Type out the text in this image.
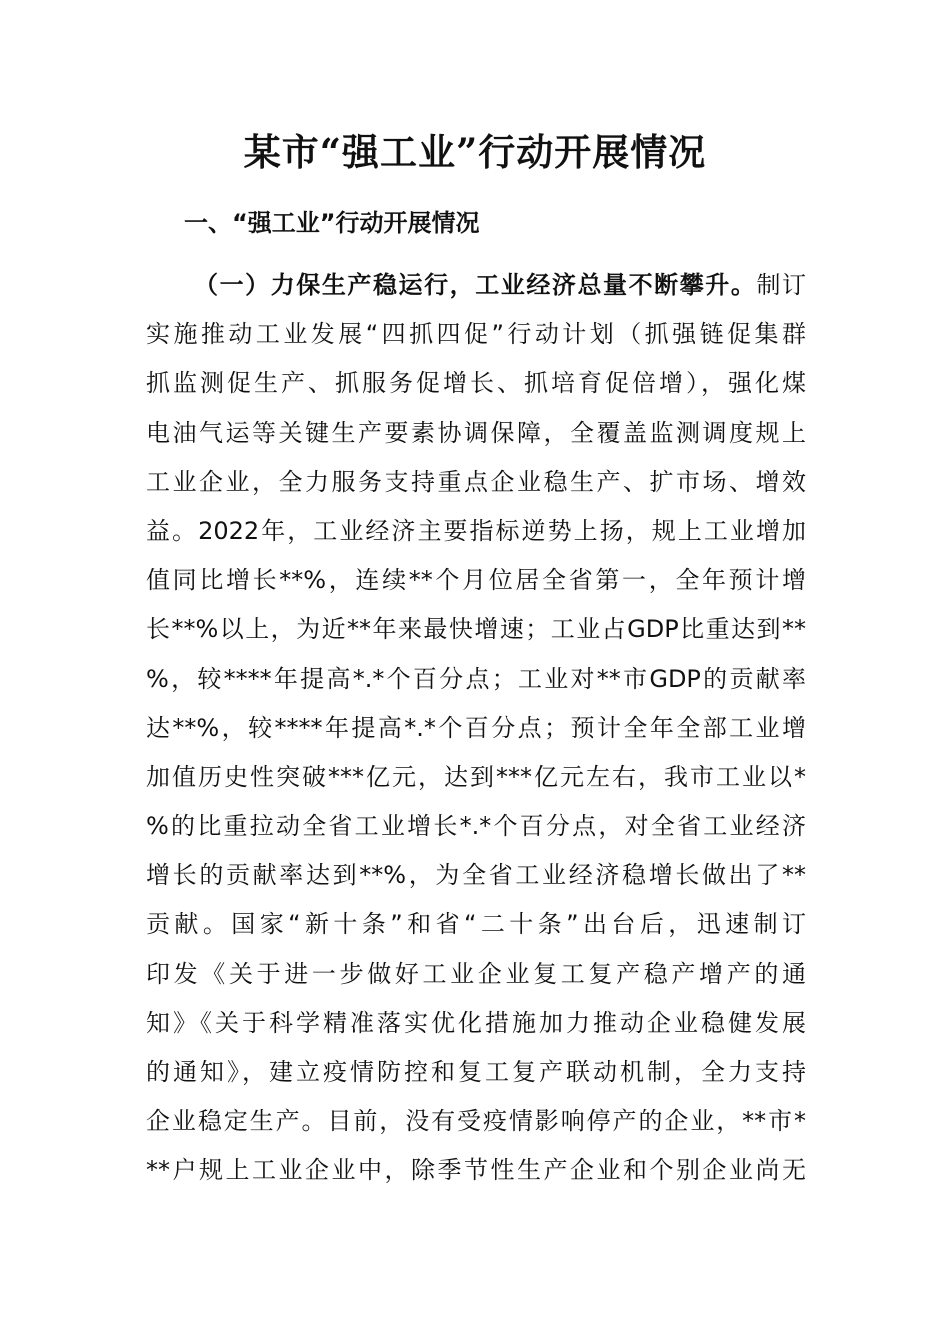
某市“强工业”行动开展情况
一、“强工业”行动开展情况
（一）力保生产稳运行，工业经济总量不断攀升。制订
实施推动工业发展“四抓四促”行动计划（抓强链促集群
抓监测促生产、抓服务促增长、抓培育促倍增），强化煤
电油气运等关键生产要素协调保障，全覆盖监测调度规上
工业企业，全力服务支持重点企业稳生产、扩市场、增效
益。2022年，工业经济主要指标逆势上扬，规上工业增加
值同比增长**%，连续**个月位居全省第一，全年预计增
长**%以上，为近**年来最快增速；工业占GDP比重达到**
%，较****年提高*.*个百分点；工业对**市GDP的贡献率
达**%，较****年提高*.*个百分点；预计全年全部工业增
加值历史性突破***亿元，达到***亿元左右，我市工业以*
%的比重拉动全省工业增长*.*个百分点，对全省工业经济
增长的贡献率达到**%，为全省工业经济稳增长做出了**
贡献。国家“新十条”和省“二十条”出台后，迅速制订
印发《关于进一步做好工业企业复工复产稳产增产的通
知》《关于科学精准落实优化措施加力推动企业稳健发展
的通知》，建立疫情防控和复工复产联动机制，全力支持
企业稳定生产。目前，没有受疫情影响停产的企业，**市*
**户规上工业企业中，除季节性生产企业和个别企业尚无
